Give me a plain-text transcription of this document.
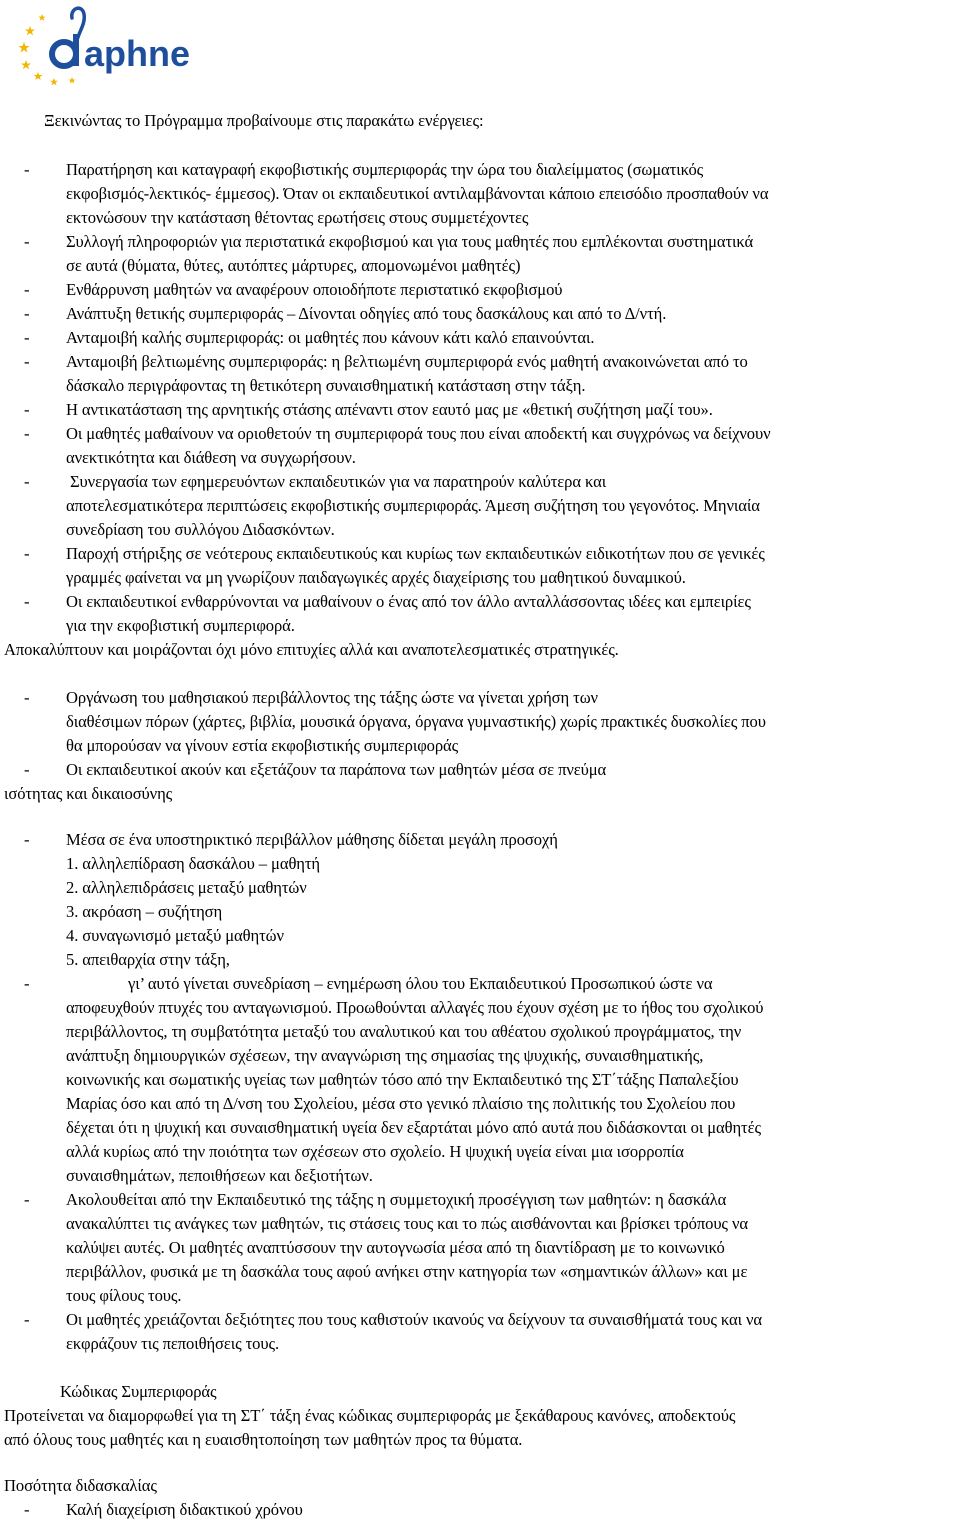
aphne
Ξεκινώντας το Πρόγραμμα προβαίνουμε στις παρακάτω ενέργειες:
- Παρατήρηση και καταγραφή εκφοβιστικής συμπεριφοράς την ώρα του διαλείμματος (σωματικός
εκφοβισμός-λεκτικός- έμμεσος). Όταν οι εκπαιδευτικοί αντιλαμβάνονται κάποιο επεισόδιο προσπαθούν να
εκτονώσουν την κατάσταση θέτοντας ερωτήσεις στους συμμετέχοντες
- Συλλογή πληροφοριών για περιστατικά εκφοβισμού και για τους μαθητές που εμπλέκονται συστηματικά
σε αυτά (θύματα, θύτες, αυτόπτες μάρτυρες, απομονωμένοι μαθητές)
- Ενθάρρυνση μαθητών να αναφέρουν οποιοδήποτε περιστατικό εκφοβισμού
- Ανάπτυξη θετικής συμπεριφοράς – Δίνονται οδηγίες από τους δασκάλους και από το Δ/ντή.
- Ανταμοιβή καλής συμπεριφοράς: οι μαθητές που κάνουν κάτι καλό επαινούνται.
- Ανταμοιβή βελτιωμένης συμπεριφοράς: η βελτιωμένη συμπεριφορά ενός μαθητή ανακοινώνεται από το
δάσκαλο περιγράφοντας τη θετικότερη συναισθηματική κατάσταση στην τάξη.
- Η αντικατάσταση της αρνητικής στάσης απέναντι στον εαυτό μας με «θετική συζήτηση μαζί του».
- Οι μαθητές μαθαίνουν να οριοθετούν τη συμπεριφορά τους που είναι αποδεκτή και συγχρόνως να δείχνουν
ανεκτικότητα και διάθεση να συγχωρήσουν.
- Συνεργασία των εφημερευόντων εκπαιδευτικών για να παρατηρούν καλύτερα και
αποτελεσματικότερα περιπτώσεις εκφοβιστικής συμπεριφοράς. Άμεση συζήτηση του γεγονότος. Μηνιαία
συνεδρίαση του συλλόγου Διδασκόντων.
- Παροχή στήριξης σε νεότερους εκπαιδευτικούς και κυρίως των εκπαιδευτικών ειδικοτήτων που σε γενικές
γραμμές φαίνεται να μη γνωρίζουν παιδαγωγικές αρχές διαχείρισης του μαθητικού δυναμικού.
- Οι εκπαιδευτικοί ενθαρρύνονται να μαθαίνουν ο ένας από τον άλλο ανταλλάσσοντας ιδέες και εμπειρίες
για την εκφοβιστική συμπεριφορά.
Αποκαλύπτουν και μοιράζονται όχι μόνο επιτυχίες αλλά και αναποτελεσματικές στρατηγικές.
- Οργάνωση του μαθησιακού περιβάλλοντος της τάξης ώστε να γίνεται χρήση των
διαθέσιμων πόρων (χάρτες, βιβλία, μουσικά όργανα, όργανα γυμναστικής) χωρίς πρακτικές δυσκολίες που
θα μπορούσαν να γίνουν εστία εκφοβιστικής συμπεριφοράς
- Οι εκπαιδευτικοί ακούν και εξετάζουν τα παράπονα των μαθητών μέσα σε πνεύμα
ισότητας και δικαιοσύνης
- Μέσα σε ένα υποστηρικτικό περιβάλλον μάθησης δίδεται μεγάλη προσοχή
1. αλληλεπίδραση δασκάλου – μαθητή
2. αλληλεπιδράσεις μεταξύ μαθητών
3. ακρόαση – συζήτηση
4. συναγωνισμό μεταξύ μαθητών
5. απειθαρχία στην τάξη,
-	γι’ αυτό γίνεται συνεδρίαση – ενημέρωση όλου του Εκπαιδευτικού Προσωπικού ώστε να
αποφευχθούν πτυχές του ανταγωνισμού. Προωθούνται αλλαγές που έχουν σχέση με το ήθος του σχολικού
περιβάλλοντος, τη συμβατότητα μεταξύ του αναλυτικού και του αθέατου σχολικού προγράμματος, την
ανάπτυξη δημιουργικών σχέσεων, την αναγνώριση της σημασίας της ψυχικής, συναισθηματικής,
κοινωνικής και σωματικής υγείας των μαθητών τόσο από την Εκπαιδευτικό της ΣΤ΄τάξης Παπαλεξίου
Μαρίας όσο και από τη Δ/νση του Σχολείου, μέσα στο γενικό πλαίσιο της πολιτικής του Σχολείου που
δέχεται ότι η ψυχική και συναισθηματική υγεία δεν εξαρτάται μόνο από αυτά που διδάσκονται οι μαθητές
αλλά κυρίως από την ποιότητα των σχέσεων στο σχολείο. Η ψυχική υγεία είναι μια ισορροπία
συναισθημάτων, πεποιθήσεων και δεξιοτήτων.
- Ακολουθείται από την Εκπαιδευτικό της τάξης η συμμετοχική προσέγγιση των μαθητών: η δασκάλα
ανακαλύπτει τις ανάγκες των μαθητών, τις στάσεις τους και το πώς αισθάνονται και βρίσκει τρόπους να
καλύψει αυτές. Οι μαθητές αναπτύσσουν την αυτογνωσία μέσα από τη διαντίδραση με το κοινωνικό
περιβάλλον, φυσικά με τη δασκάλα τους αφού ανήκει στην κατηγορία των «σημαντικών άλλων» και με
τους φίλους τους.
- Οι μαθητές χρειάζονται δεξιότητες που τους καθιστούν ικανούς να δείχνουν τα συναισθήματά τους και να
εκφράζουν τις πεποιθήσεις τους.
Κώδικας Συμπεριφοράς
Προτείνεται να διαμορφωθεί για τη ΣΤ΄ τάξη ένας κώδικας συμπεριφοράς με ξεκάθαρους κανόνες, αποδεκτούς
από όλους τους μαθητές και η ευαισθητοποίηση των μαθητών προς τα θύματα.
Ποσότητα διδασκαλίας
- Καλή διαχείριση διδακτικού χρόνου
